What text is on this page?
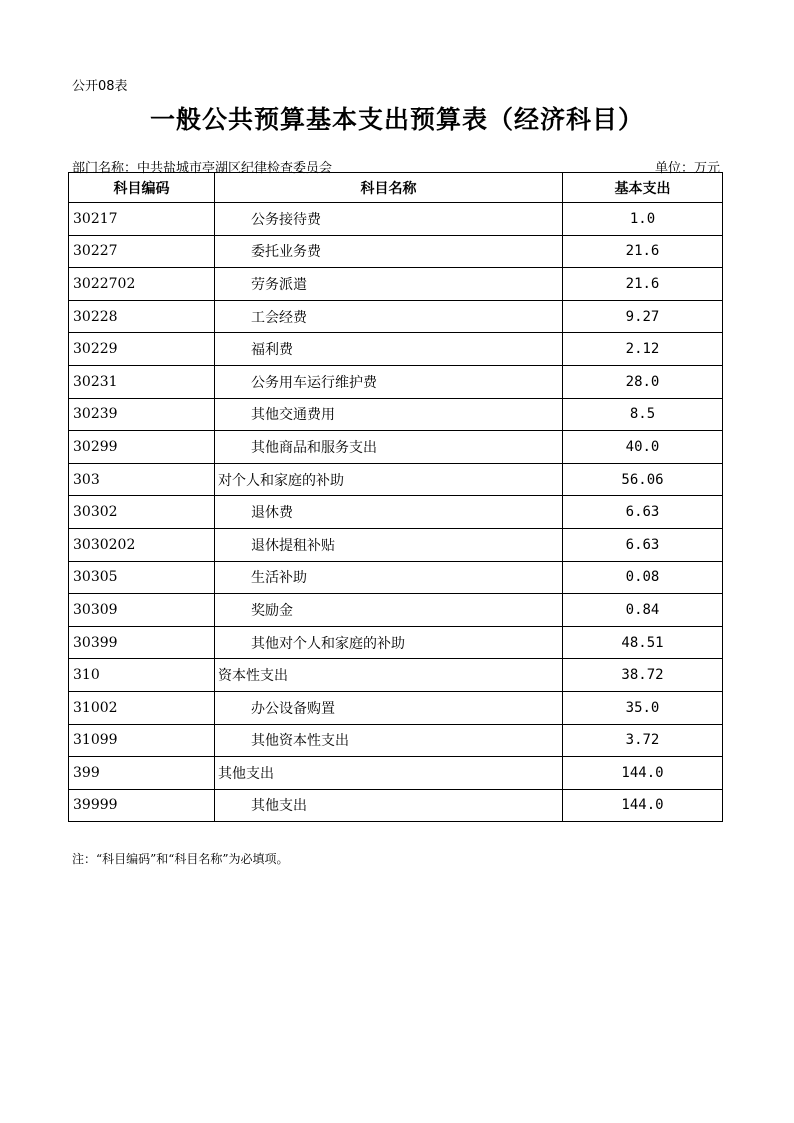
公开08表
一般公共预算基本支出预算表（经济科目）
部门名称：中共盐城市亭湖区纪律检查委员会	单位：万元
科目编码	科目名称	基本支出
30217	公务接待费	1.0
30227	委托业务费	21.6
3022702	劳务派遣	21.6
30228	工会经费	9.27
30229	福利费	2.12
30231	公务用车运行维护费	28.0
30239	其他交通费用	8.5
30299	其他商品和服务支出	40.0
303	对个人和家庭的补助	56.06
30302	退休费	6.63
3030202	退休提租补贴	6.63
30305	生活补助	0.08
30309	奖励金	0.84
30399	其他对个人和家庭的补助	48.51
310	资本性支出	38.72
31002	办公设备购置	35.0
31099	其他资本性支出	3.72
399	其他支出	144.0
39999	其他支出	144.0
注：“科目编码”和“科目名称”为必填项。
